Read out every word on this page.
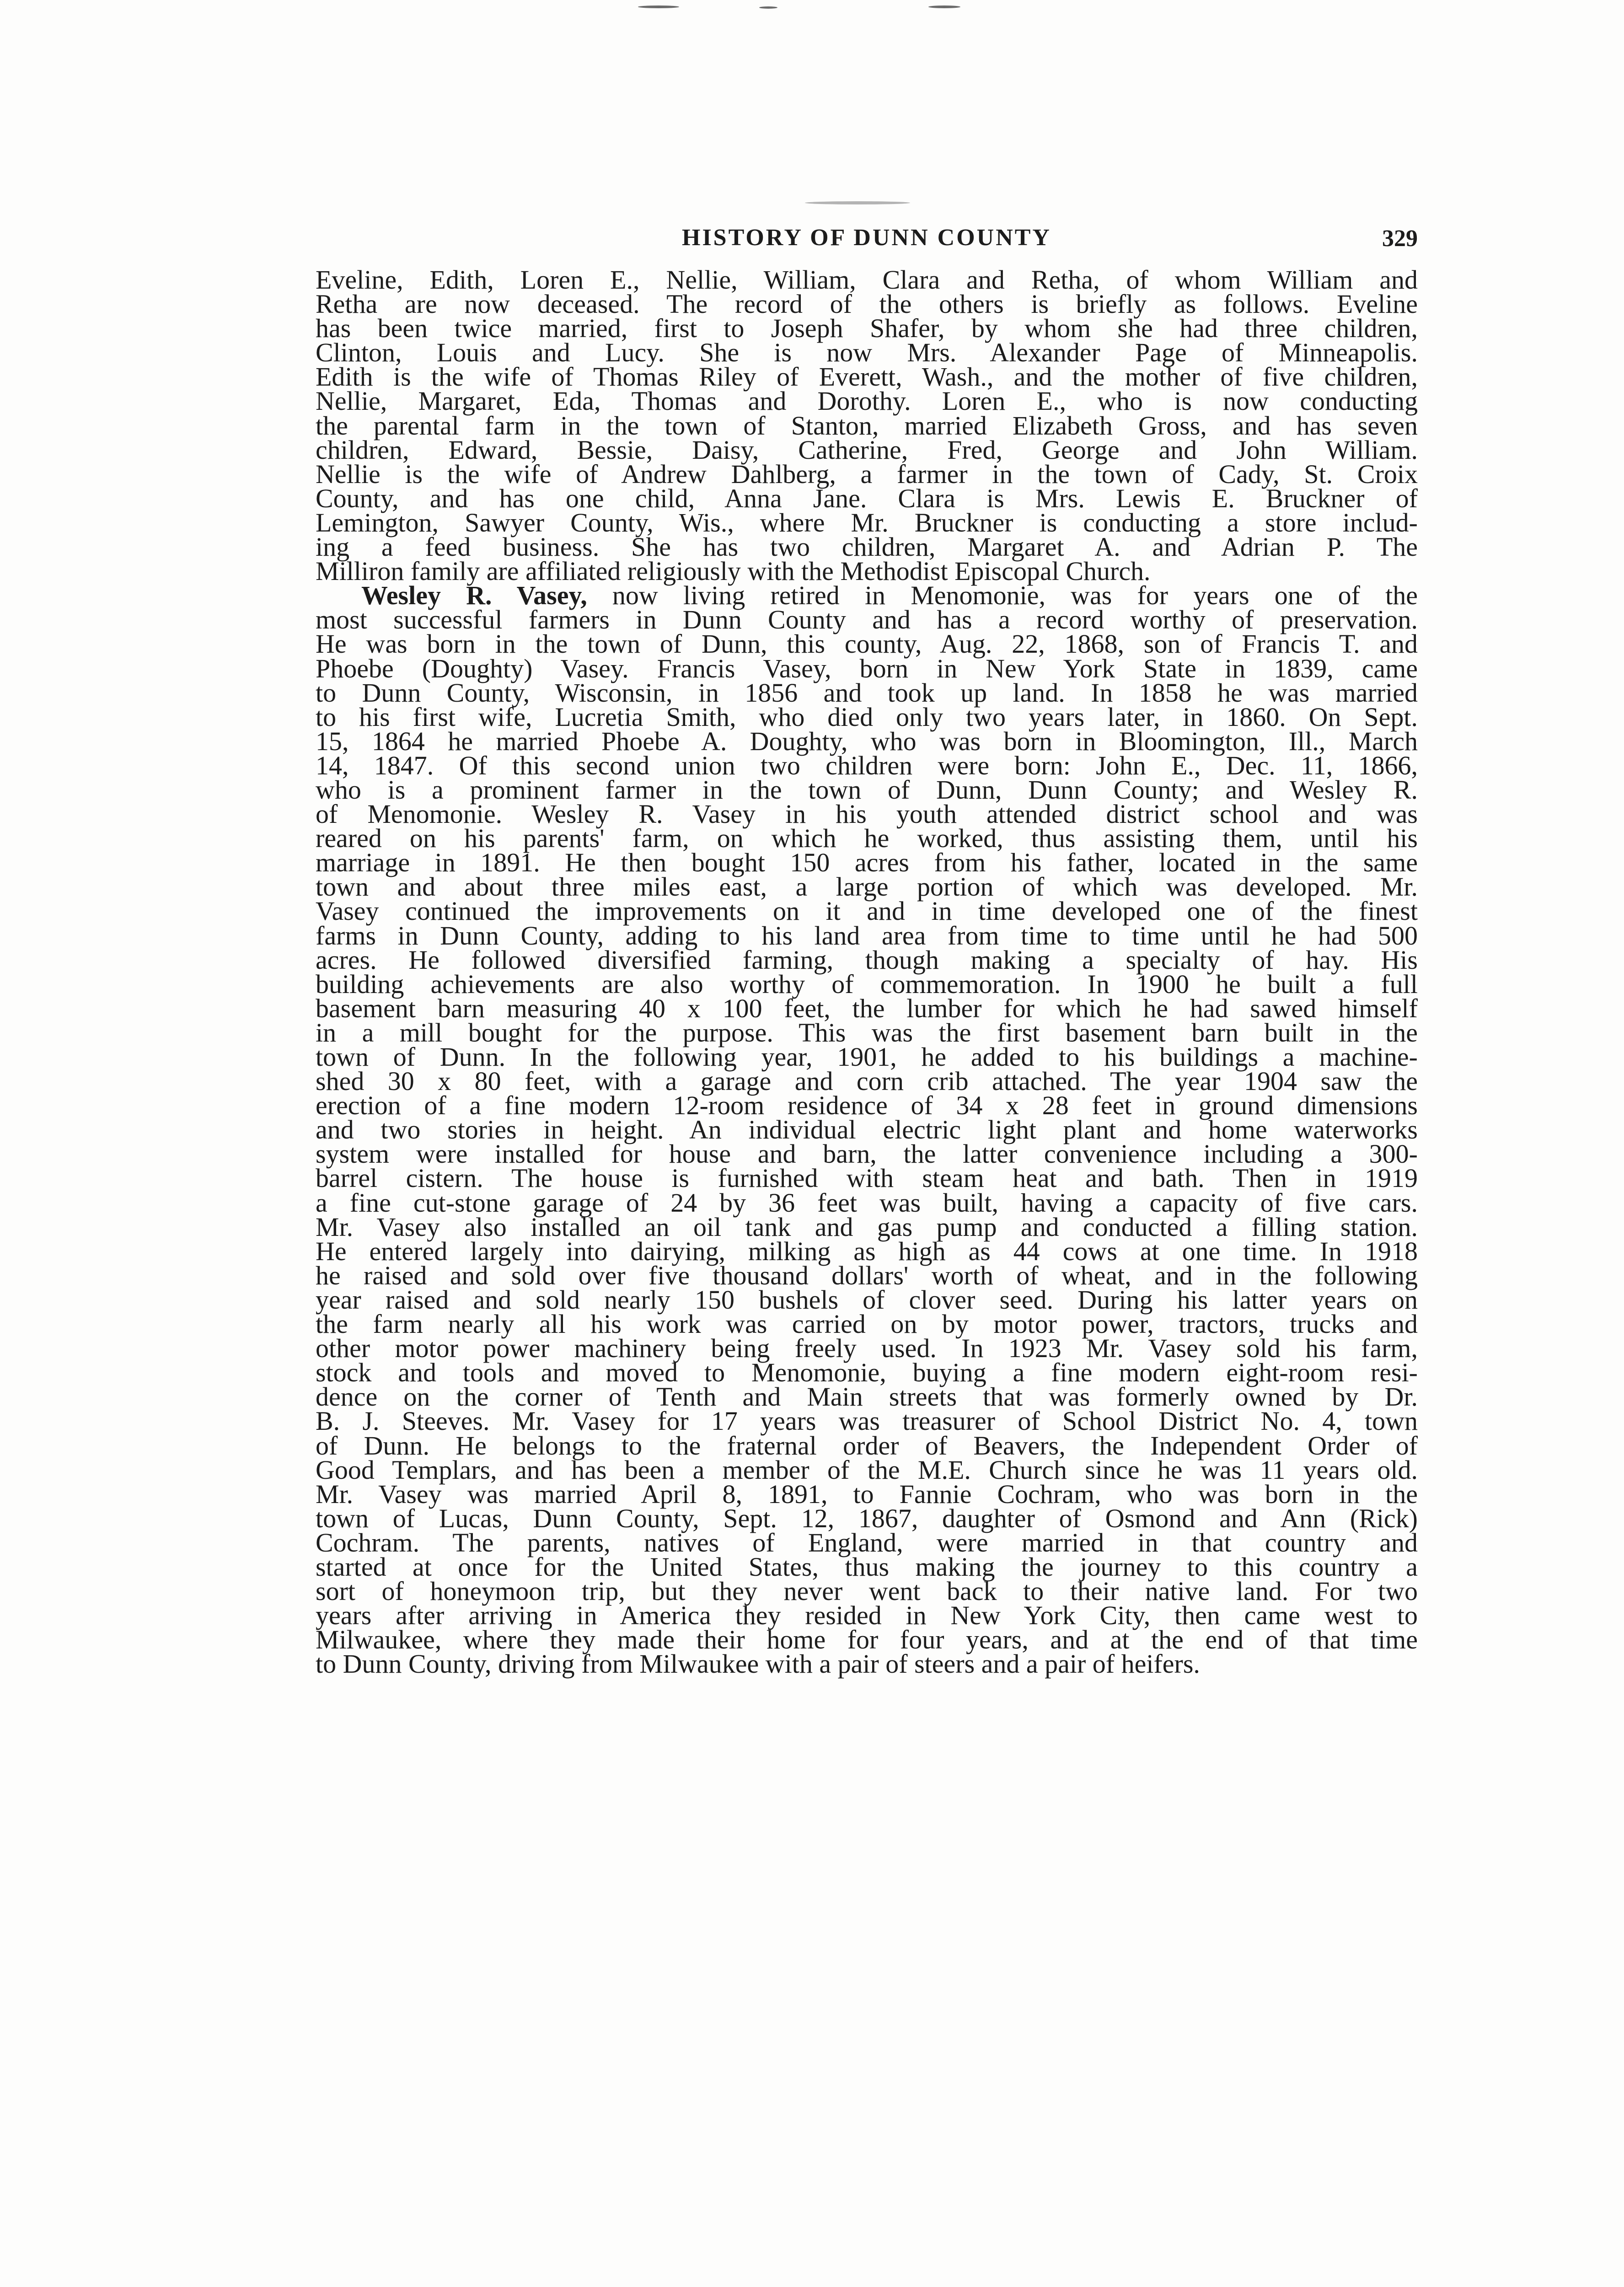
HISTORY OF DUNN COUNTY	329
Eveline, Edith, Loren E., Nellie, William, Clara and Retha, of whom William and
Retha are now deceased. The record of the others is briefly as follows. Eveline
has been twice married, first to Joseph Shafer, by whom she had three children,
Clinton, Louis and Lucy. She is now Mrs. Alexander Page of Minneapolis.
Edith is the wife of Thomas Riley of Everett, Wash., and the mother of five children,
Nellie, Margaret, Eda, Thomas and Dorothy. Loren E., who is now conducting
the parental farm in the town of Stanton, married Elizabeth Gross, and has seven
children, Edward, Bessie, Daisy, Catherine, Fred, George and John William.
Nellie is the wife of Andrew Dahlberg, a farmer in the town of Cady, St. Croix
County, and has one child, Anna Jane. Clara is Mrs. Lewis E. Bruckner of
Lemington, Sawyer County, Wis., where Mr. Bruckner is conducting a store includ-
ing a feed business. She has two children, Margaret A. and Adrian P. The
Milliron family are affiliated religiously with the Methodist Episcopal Church.
Wesley R. Vasey, now living retired in Menomonie, was for years one of the
most successful farmers in Dunn County and has a record worthy of preservation.
He was born in the town of Dunn, this county, Aug. 22, 1868, son of Francis T. and
Phoebe (Doughty) Vasey. Francis Vasey, born in New York State in 1839, came
to Dunn County, Wisconsin, in 1856 and took up land. In 1858 he was married
to his first wife, Lucretia Smith, who died only two years later, in 1860. On Sept.
15, 1864 he married Phoebe A. Doughty, who was born in Bloomington, Ill., March
14, 1847. Of this second union two children were born: John E., Dec. 11, 1866,
who is a prominent farmer in the town of Dunn, Dunn County; and Wesley R.
of Menomonie. Wesley R. Vasey in his youth attended district school and was
reared on his parents' farm, on which he worked, thus assisting them, until his
marriage in 1891. He then bought 150 acres from his father, located in the same
town and about three miles east, a large portion of which was developed. Mr.
Vasey continued the improvements on it and in time developed one of the finest
farms in Dunn County, adding to his land area from time to time until he had 500
acres. He followed diversified farming, though making a specialty of hay. His
building achievements are also worthy of commemoration. In 1900 he built a full
basement barn measuring 40 x 100 feet, the lumber for which he had sawed himself
in a mill bought for the purpose. This was the first basement barn built in the
town of Dunn. In the following year, 1901, he added to his buildings a machine-
shed 30 x 80 feet, with a garage and corn crib attached. The year 1904 saw the
erection of a fine modern 12-room residence of 34 x 28 feet in ground dimensions
and two stories in height. An individual electric light plant and home waterworks
system were installed for house and barn, the latter convenience including a 300-
barrel cistern. The house is furnished with steam heat and bath. Then in 1919
a fine cut-stone garage of 24 by 36 feet was built, having a capacity of five cars.
Mr. Vasey also installed an oil tank and gas pump and conducted a filling station.
He entered largely into dairying, milking as high as 44 cows at one time. In 1918
he raised and sold over five thousand dollars' worth of wheat, and in the following
year raised and sold nearly 150 bushels of clover seed. During his latter years on
the farm nearly all his work was carried on by motor power, tractors, trucks and
other motor power machinery being freely used. In 1923 Mr. Vasey sold his farm,
stock and tools and moved to Menomonie, buying a fine modern eight-room resi-
dence on the corner of Tenth and Main streets that was formerly owned by Dr.
B. J. Steeves. Mr. Vasey for 17 years was treasurer of School District No. 4, town
of Dunn. He belongs to the fraternal order of Beavers, the Independent Order of
Good Templars, and has been a member of the M.E. Church since he was 11 years old.
Mr. Vasey was married April 8, 1891, to Fannie Cochram, who was born in the
town of Lucas, Dunn County, Sept. 12, 1867, daughter of Osmond and Ann (Rick)
Cochram. The parents, natives of England, were married in that country and
started at once for the United States, thus making the journey to this country a
sort of honeymoon trip, but they never went back to their native land. For two
years after arriving in America they resided in New York City, then came west to
Milwaukee, where they made their home for four years, and at the end of that time
to Dunn County, driving from Milwaukee with a pair of steers and a pair of heifers.
